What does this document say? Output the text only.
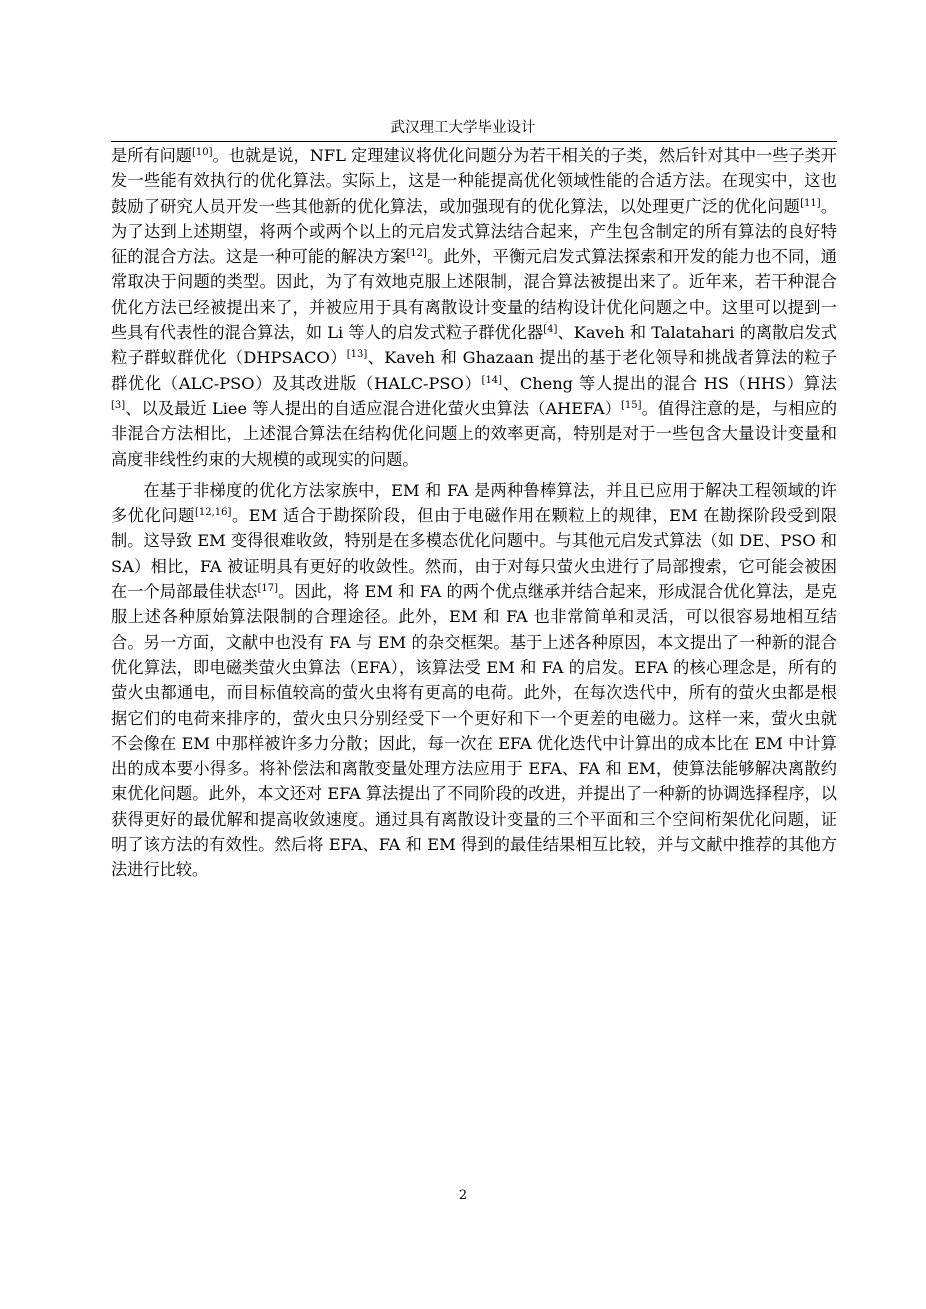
武汉理工大学毕业设计

是所有问题[10]。也就是说，NFL 定理建议将优化问题分为若干相关的子类，然后针对其中一些子类开发一些能有效执行的优化算法。实际上，这是一种能提高优化领域性能的合适方法。在现实中，这也鼓励了研究人员开发一些其他新的优化算法，或加强现有的优化算法，以处理更广泛的优化问题[11]。为了达到上述期望，将两个或两个以上的元启发式算法结合起来，产生包含制定的所有算法的良好特征的混合方法。这是一种可能的解决方案[12]。此外，平衡元启发式算法探索和开发的能力也不同，通常取决于问题的类型。因此，为了有效地克服上述限制，混合算法被提出来了。近年来，若干种混合优化方法已经被提出来了，并被应用于具有离散设计变量的结构设计优化问题之中。这里可以提到一些具有代表性的混合算法，如 Li 等人的启发式粒子群优化器[4]、Kaveh 和 Talatahari 的离散启发式粒子群蚁群优化（DHPSACO）[13]、Kaveh 和 Ghazaan 提出的基于老化领导和挑战者算法的粒子群优化（ALC-PSO）及其改进版（HALC-PSO）[14]、Cheng 等人提出的混合 HS（HHS）算法[3]、以及最近 Liee 等人提出的自适应混合进化萤火虫算法（AHEFA）[15]。值得注意的是，与相应的非混合方法相比，上述混合算法在结构优化问题上的效率更高，特别是对于一些包含大量设计变量和高度非线性约束的大规模的或现实的问题。

在基于非梯度的优化方法家族中，EM 和 FA 是两种鲁棒算法，并且已应用于解决工程领域的许多优化问题[12,16]。EM 适合于勘探阶段，但由于电磁作用在颗粒上的规律，EM 在勘探阶段受到限制。这导致 EM 变得很难收敛，特别是在多模态优化问题中。与其他元启发式算法（如 DE、PSO 和 SA）相比，FA 被证明具有更好的收敛性。然而，由于对每只萤火虫进行了局部搜索，它可能会被困在一个局部最佳状态[17]。因此，将 EM 和 FA 的两个优点继承并结合起来，形成混合优化算法，是克服上述各种原始算法限制的合理途径。此外，EM 和 FA 也非常简单和灵活，可以很容易地相互结合。另一方面，文献中也没有 FA 与 EM 的杂交框架。基于上述各种原因，本文提出了一种新的混合优化算法，即电磁类萤火虫算法（EFA），该算法受 EM 和 FA 的启发。EFA 的核心理念是，所有的萤火虫都通电，而目标值较高的萤火虫将有更高的电荷。此外，在每次迭代中，所有的萤火虫都是根据它们的电荷来排序的，萤火虫只分别经受下一个更好和下一个更差的电磁力。这样一来，萤火虫就不会像在 EM 中那样被许多力分散；因此，每一次在 EFA 优化迭代中计算出的成本比在 EM 中计算出的成本要小得多。将补偿法和离散变量处理方法应用于 EFA、FA 和 EM，使算法能够解决离散约束优化问题。此外，本文还对 EFA 算法提出了不同阶段的改进，并提出了一种新的协调选择程序，以获得更好的最优解和提高收敛速度。通过具有离散设计变量的三个平面和三个空间桁架优化问题，证明了该方法的有效性。然后将 EFA、FA 和 EM 得到的最佳结果相互比较，并与文献中推荐的其他方法进行比较。

2
